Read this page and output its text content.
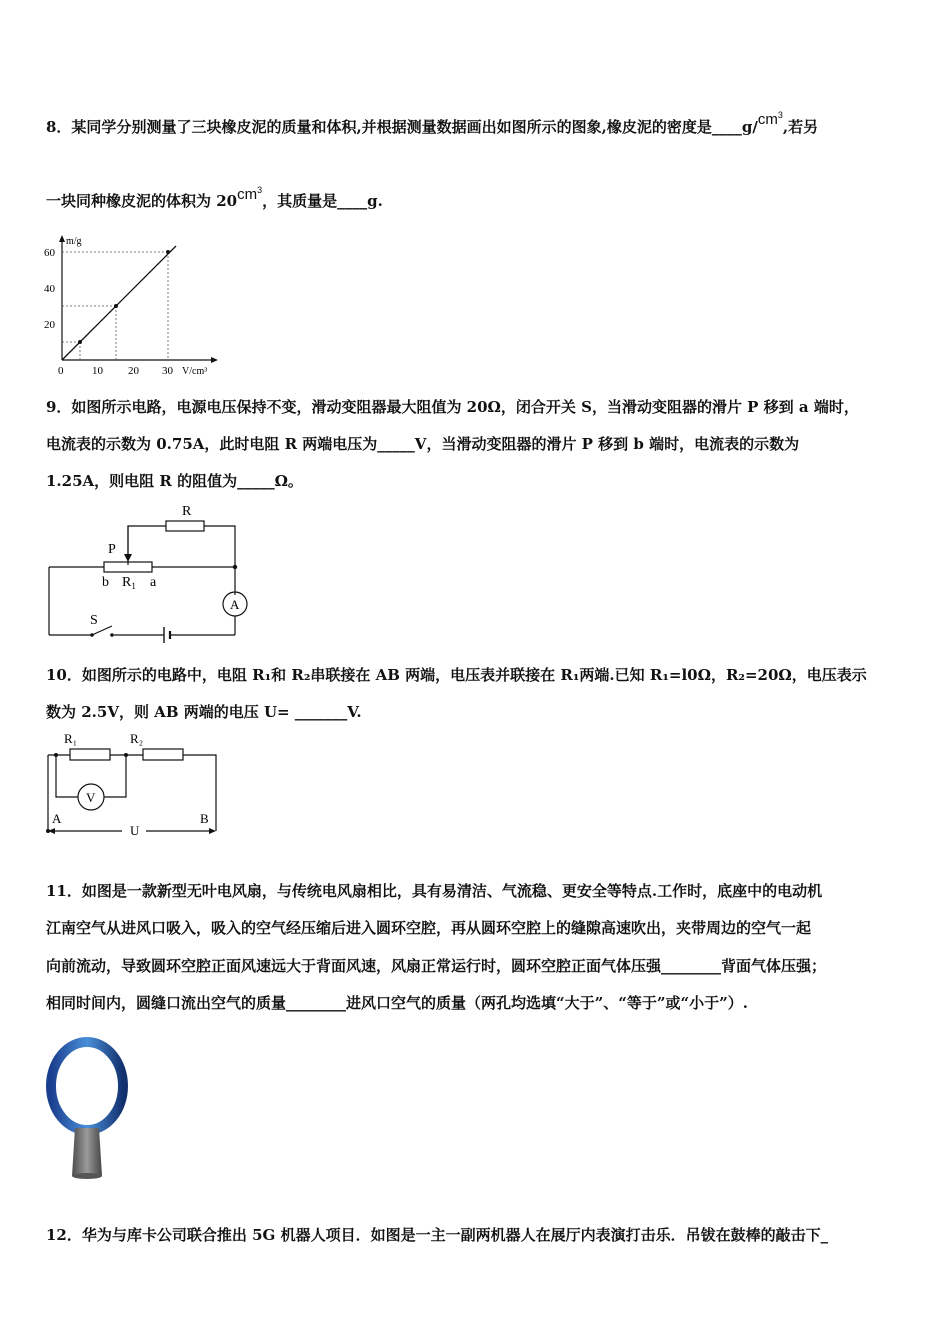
8．某同学分别测量了三块橡皮泥的质量和体积,并根据测量数据画出如图所示的图象,橡皮泥的密度是$\_\_\_\_g/cm^3$,若另
一块同种橡皮泥的体积为 $20cm^3$，其质量是____g.
m/g
60
40
20
0	10 20 30 V/cm³
9．如图所示电路，电源电压保持不变，滑动变阻器最大阻值为 20Ω，闭合开关 S，当滑动变阻器的滑片 P 移到 a 端时，
电流表的示数为 0.75A，此时电阻 R 两端电压为_____V，当滑动变阻器的滑片 P 移到 b 端时，电流表的示数为
1.25A，则电阻 R 的阻值为_____Ω。
R
P
b $R_1$ a
A
S
10．如图所示的电路中，电阻 R₁和 R₂串联接在 AB 两端，电压表并联接在 R₁两端.已知 R₁=l0Ω，R₂=20Ω，电压表示
数为 2.5V，则 AB 两端的电压 U= _______V.
R₁	R₂
V
A
U
B
11．如图是一款新型无叶电风扇，与传统电风扇相比，具有易清洁、气流稳、更安全等特点.工作时，底座中的电动机
江南空气从进风口吸入，吸入的空气经压缩后进入圆环空腔，再从圆环空腔上的缝隙高速吹出，夹带周边的空气一起
向前流动，导致圆环空腔正面风速远大于背面风速，风扇正常运行时，圆环空腔正面气体压强________背面气体压强；
相同时间内，圆缝口流出空气的质量________进风口空气的质量（两孔均选填“大于”、“等于”或“小于”）.
12．华为与库卡公司联合推出 5G 机器人项目．如图是一主一副两机器人在展厅内表演打击乐．吊钹在鼓棒的敲击下_
